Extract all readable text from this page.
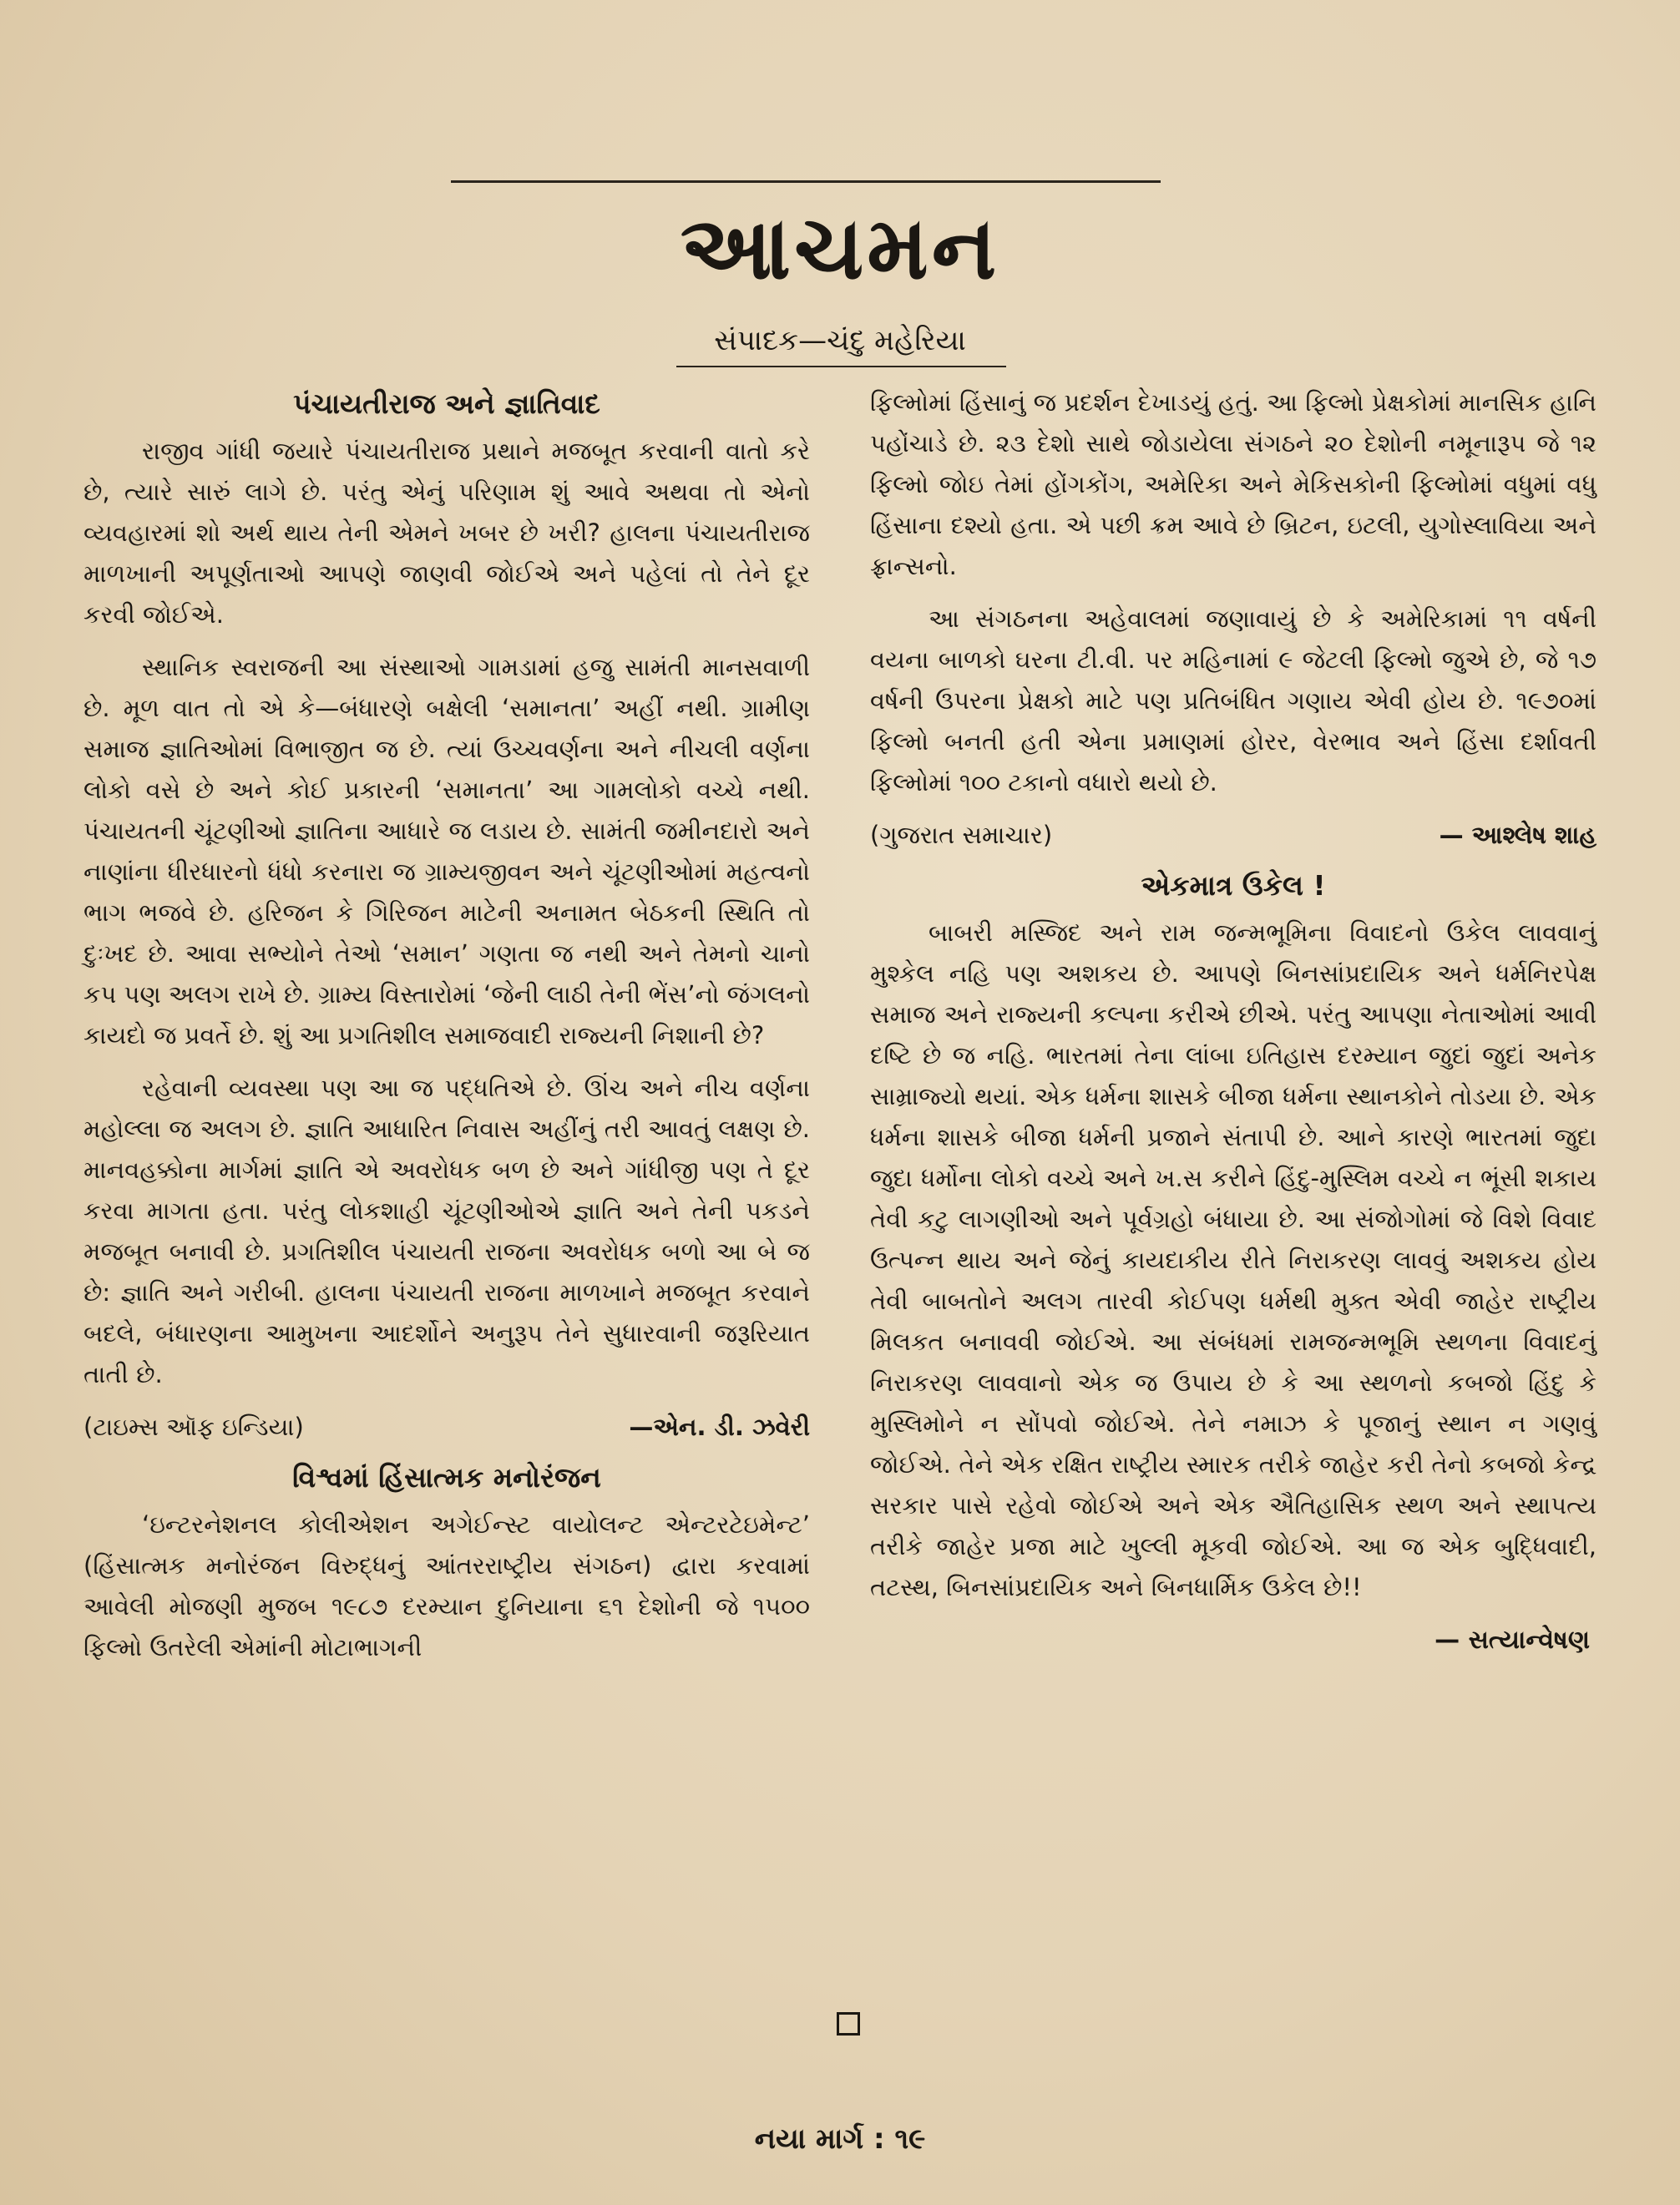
આચમન
સંપાદક—ચંદુ મહેરિયા
પંચાયતીરાજ અને જ્ઞાતિવાદ

રાજીવ ગાંધી જયારે પંચાયતીરાજ પ્રથાને મજબૂત કરવાની વાતો કરે છે, ત્યારે સારું લાગે છે. પરંતુ એનું પરિણામ શું આવે અથવા તો એનો વ્યવહારમાં શો અર્થ થાય તેની એમને ખબર છે ખરી? હાલના પંચાયતીરાજ માળખાની અપૂર્ણતાઓ આપણે જાણવી જોઈએ અને પહેલાં તો તેને દૂર કરવી જોઈએ.

સ્થાનિક સ્વરાજની આ સંસ્થાઓ ગામડામાં હજુ સામંતી માનસવાળી છે. મૂળ વાત તો એ કે—બંધારણે બક્ષેલી ‘સમાનતા’ અહીં નથી. ગ્રામીણ સમાજ જ્ઞાતિઓમાં વિભાજીત જ છે. ત્યાં ઉચ્ચવર્ણના અને નીચલી વર્ણના લોકો વસે છે અને કોઈ પ્રકારની ‘સમાનતા’ આ ગામલોકો વચ્ચે નથી. પંચાયતની ચૂંટણીઓ જ્ઞાતિના આધારે જ લડાય છે. સામંતી જમીનદારો અને નાણાંના ધીરધારનો ધંધો કરનારા જ ગ્રામ્યજીવન અને ચૂંટણીઓમાં મહત્વનો ભાગ ભજવે છે. હરિજન કે ગિરિજન માટેની અનામત બેઠકની સ્થિતિ તો દુઃખદ છે. આવા સભ્યોને તેઓ ‘સમાન’ ગણતા જ નથી અને તેમનો ચાનો કપ પણ અલગ રાખે છે. ગ્રામ્ય વિસ્તારોમાં ‘જેની લાઠી તેની ભેંસ’નો જંગલનો કાયદો જ પ્રવર્તે છે. શું આ પ્રગતિશીલ સમાજવાદી રાજ્યની નિશાની છે?

રહેવાની વ્યવસ્થા પણ આ જ પદ્ધતિએ છે. ઊંચ અને નીચ વર્ણના મહોલ્લા જ અલગ છે. જ્ઞાતિ આધારિત નિવાસ અહીંનું તરી આવતું લક્ષણ છે. માનવહક્કોના માર્ગમાં જ્ઞાતિ એ અવરોધક બળ છે અને ગાંધીજી પણ તે દૂર કરવા માગતા હતા. પરંતુ લોકશાહી ચૂંટણીઓએ જ્ઞાતિ અને તેની પકડને મજબૂત બનાવી છે. પ્રગતિશીલ પંચાયતી રાજના અવરોધક બળો આ બે જ છે: જ્ઞાતિ અને ગરીબી. હાલના પંચાયતી રાજના માળખાને મજબૂત કરવાને બદલે, બંધારણના આમુખના આદર્શોને અનુરૂપ તેને સુધારવાની જરૂરિયાત તાતી છે.

(ટાઇમ્સ ઑફ ઇન્ડિયા)	—એન. ડી. ઝવેરી
વિશ્વમાં હિંસાત્મક મનોરંજન

‘ઇન્ટરનેશનલ કોલીએશન અગેઈન્સ્ટ વાયોલન્ટ એન્ટરટેઇમેન્ટ’ (હિંસાત્મક મનોરંજન વિરુદ્ધનું આંતરરાષ્ટ્રીય સંગઠન) દ્વારા કરવામાં આવેલી મોજણી મુજબ ૧૯૮૭ દરમ્યાન દુનિયાના ૬૧ દેશોની જે ૧૫૦૦ ફિલ્મો ઉતરેલી એમાંની મોટાભાગની

ફિલ્મોમાં હિંસાનું જ પ્રદર્શન દેખાડયું હતું. આ ફિલ્મો પ્રેક્ષકોમાં માનસિક હાનિ પહોંચાડે છે. ૨૩ દેશો સાથે જોડાયેલા સંગઠને ૨૦ દેશોની નમૂનારૂપ જે ૧૨ ફિલ્મો જોઇ તેમાં હોંગકોંગ, અમેરિકા અને મેકિસકોની ફિલ્મોમાં વધુમાં વધુ હિંસાના દશ્યો હતા. એ પછી ક્રમ આવે છે બ્રિટન, ઇટલી, યુગોસ્લાવિયા અને ફ્રાન્સનો.

આ સંગઠનના અહેવાલમાં જણાવાયું છે કે અમેરિકામાં ૧૧ વર્ષની વયના બાળકો ઘરના ટી.વી. પર મહિનામાં ૯ જેટલી ફિલ્મો જુએ છે, જે ૧૭ વર્ષની ઉપરના પ્રેક્ષકો માટે પણ પ્રતિબંધિત ગણાય એવી હોય છે. ૧૯૭૦માં ફિલ્મો બનતી હતી એના પ્રમાણમાં હોરર, વેરભાવ અને હિંસા દર્શાવતી ફિલ્મોમાં ૧૦૦ ટકાનો વધારો થયો છે.

(ગુજરાત સમાચાર)	— આશ્લેષ શાહ
એકમાત્ર ઉકેલ !

બાબરી મસ્જિદ અને રામ જન્મભૂમિના વિવાદનો ઉકેલ લાવવાનું મુશ્કેલ નહિ પણ અશકય છે. આપણે બિનસાંપ્રદાયિક અને ધર્મનિરપેક્ષ સમાજ અને રાજ્યની કલ્પના કરીએ છીએ. પરંતુ આપણા નેતાઓમાં આવી દષ્ટિ છે જ નહિ. ભારતમાં તેના લાંબા ઇતિહાસ દરમ્યાન જુદાં જુદાં અનેક સામ્રાજ્યો થયાં. એક ધર્મના શાસકે બીજા ધર્મના સ્થાનકોને તોડયા છે. એક ધર્મના શાસકે બીજા ધર્મની પ્રજાને સંતાપી છે. આને કારણે ભારતમાં જુદા જુદા ધર્મોના લોકો વચ્ચે અને ખ.સ કરીને હિંદુ-મુસ્લિમ વચ્ચે ન ભૂંસી શકાય તેવી કટુ લાગણીઓ અને પૂર્વગ્રહો બંધાયા છે. આ સંજોગોમાં જે વિશે વિવાદ ઉત્પન્ન થાય અને જેનું કાયદાકીય રીતે નિરાકરણ લાવવું અશકય હોય તેવી બાબતોને અલગ તારવી કોઈપણ ધર્મથી મુક્ત એવી જાહેર રાષ્ટ્રીય મિલકત બનાવવી જોઈએ. આ સંબંધમાં રામજન્મભૂમિ સ્થળના વિવાદનું નિરાકરણ લાવવાનો એક જ ઉપાય છે કે આ સ્થળનો કબજો હિંદુ કે મુસ્લિમોને ન સોંપવો જોઈએ. તેને નમાઝ કે પૂજાનું સ્થાન ન ગણવું જોઈએ. તેને એક રક્ષિત રાષ્ટ્રીય સ્મારક તરીકે જાહેર કરી તેનો કબજો કેન્દ્ર સરકાર પાસે રહેવો જોઈએ અને એક ઐતિહાસિક સ્થળ અને સ્થાપત્ય તરીકે જાહેર પ્રજા માટે ખુલ્લી મૂકવી જોઈએ. આ જ એક બુદ્ધિવાદી, તટસ્થ, બિનસાંપ્રદાયિક અને બિનધાર્મિક ઉકેલ છે!!

— સત્યાન્વેષણ
નયા માર્ગ : ૧૯
